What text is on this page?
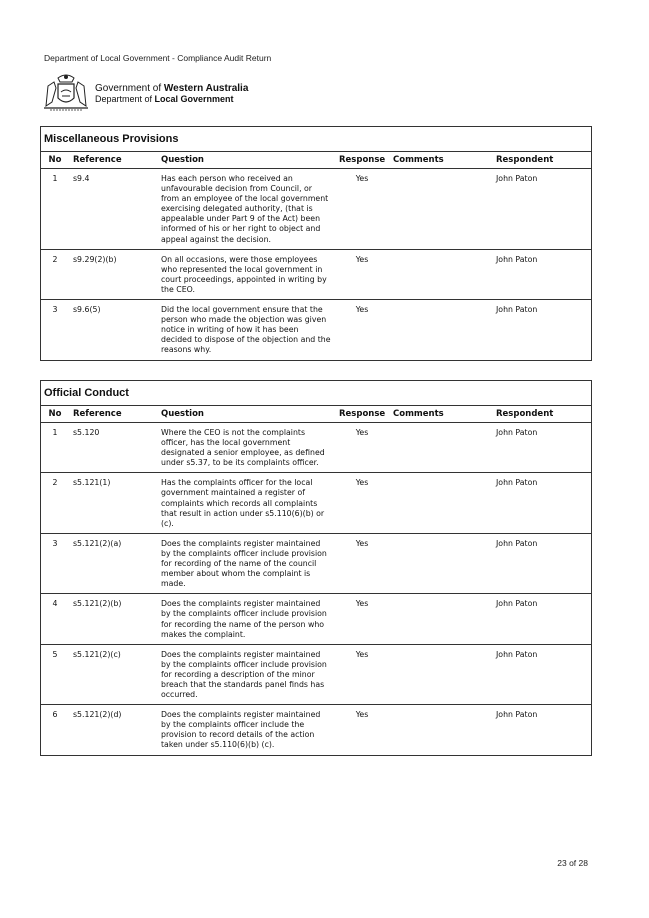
Department of Local Government - Compliance Audit Return
Government of Western Australia
Department of Local Government
Miscellaneous Provisions
No	Reference	Question	Response	Comments	Respondent
1	s9.4	Has each person who received an unfavourable decision from Council, or from an employee of the local government exercising delegated authority, (that is appealable under Part 9 of the Act) been informed of his or her right to object and appeal against the decision.	Yes		John Paton
2	s9.29(2)(b)	On all occasions, were those employees who represented the local government in court proceedings, appointed in writing by the CEO.	Yes		John Paton
3	s9.6(5)	Did the local government ensure that the person who made the objection was given notice in writing of how it has been decided to dispose of the objection and the reasons why.	Yes		John Paton
Official Conduct
No	Reference	Question	Response	Comments	Respondent
1	s5.120	Where the CEO is not the complaints officer, has the local government designated a senior employee, as defined under s5.37, to be its complaints officer.	Yes		John Paton
2	s5.121(1)	Has the complaints officer for the local government maintained a register of complaints which records all complaints that result in action under s5.110(6)(b) or (c).	Yes		John Paton
3	s5.121(2)(a)	Does the complaints register maintained by the complaints officer include provision for recording of the name of the council member about whom the complaint is made.	Yes		John Paton
4	s5.121(2)(b)	Does the complaints register maintained by the complaints officer include provision for recording the name of the person who makes the complaint.	Yes		John Paton
5	s5.121(2)(c)	Does the complaints register maintained by the complaints officer include provision for recording a description of the minor breach that the standards panel finds has occurred.	Yes		John Paton
6	s5.121(2)(d)	Does the complaints register maintained by the complaints officer include the provision to record details of the action taken under s5.110(6)(b) (c).	Yes		John Paton
23 of 28
